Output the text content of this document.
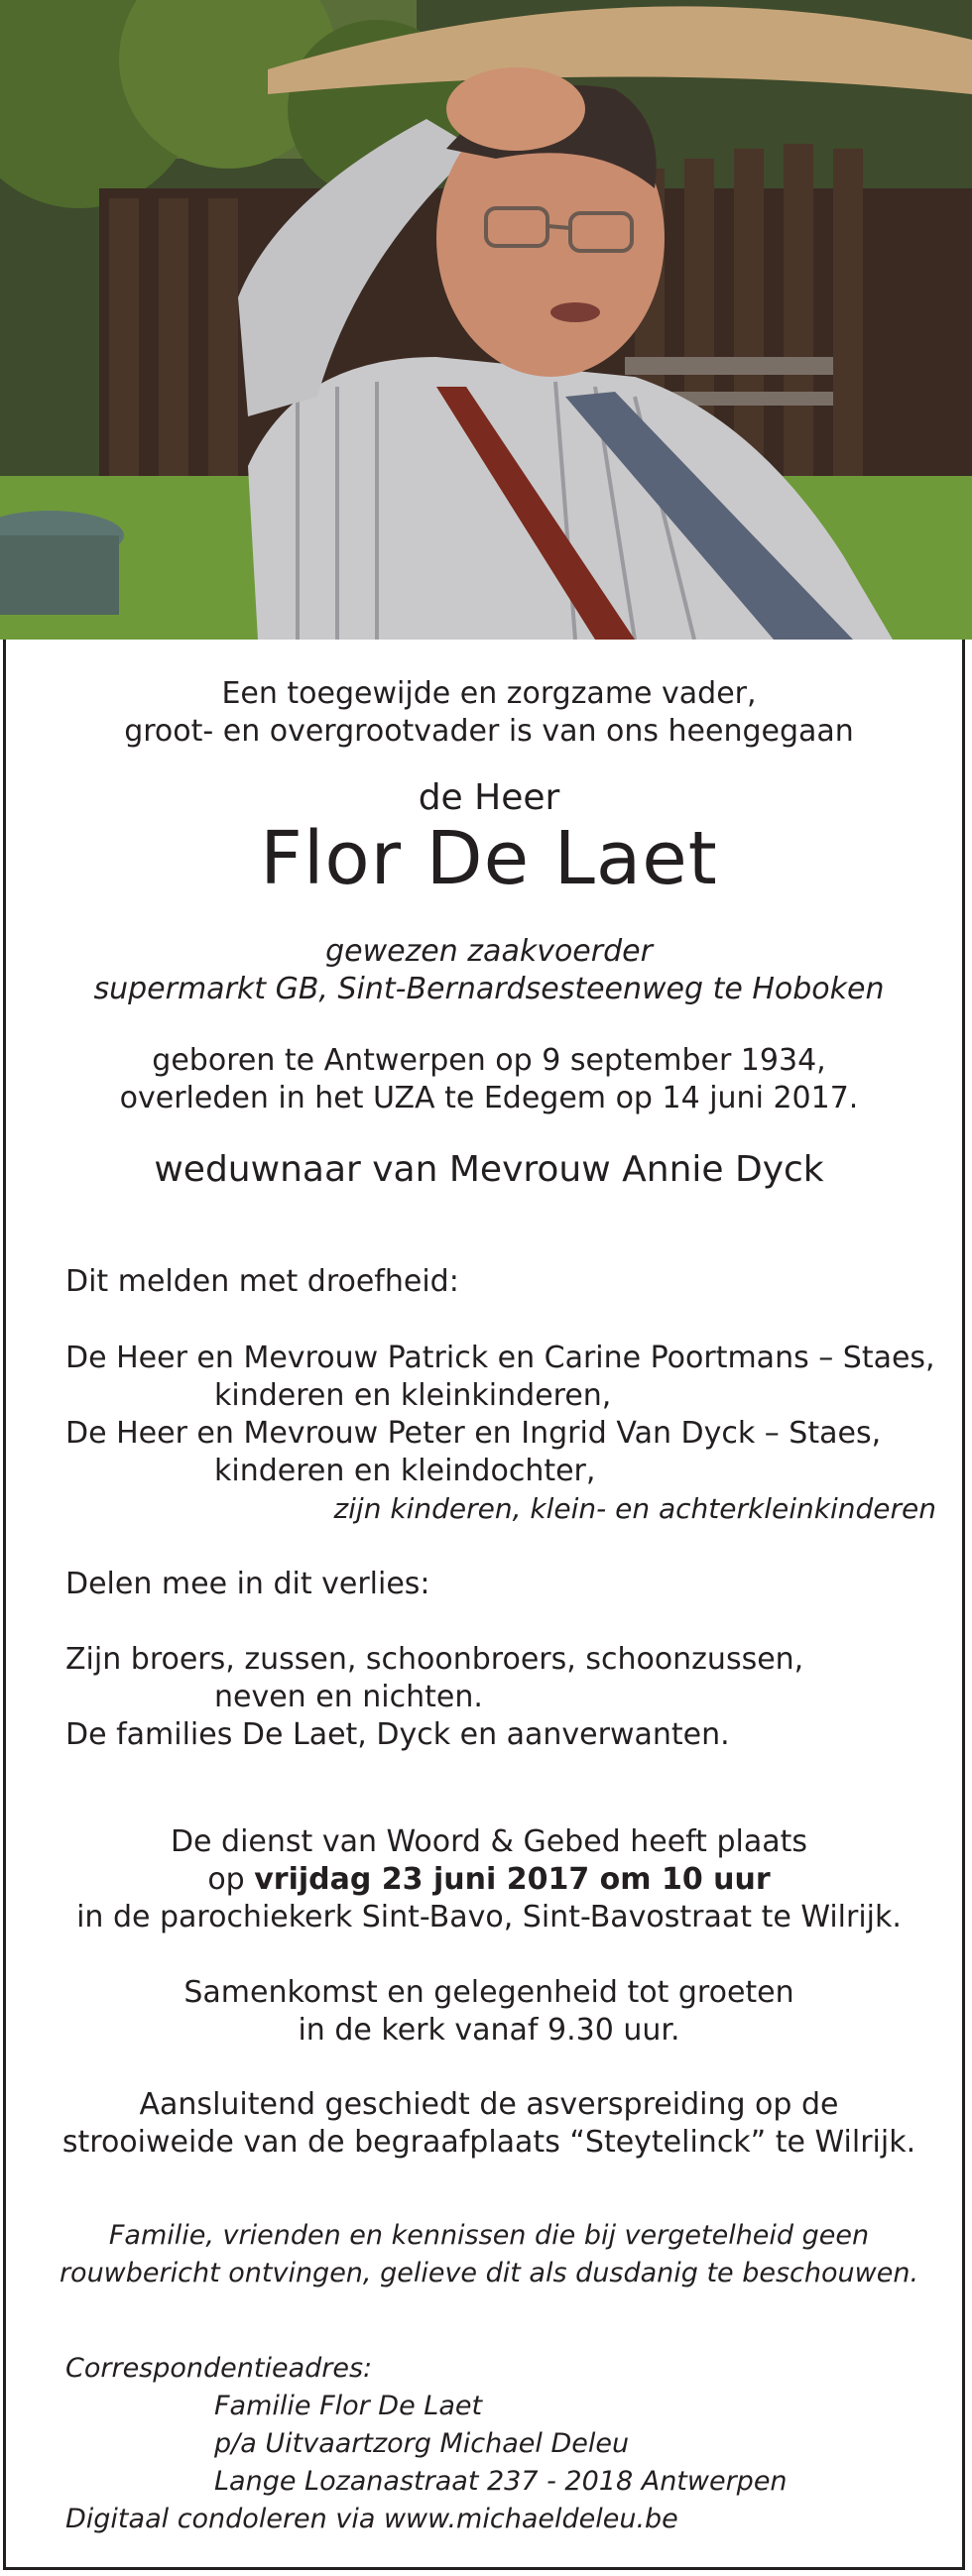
Een toegewijde en zorgzame vader,
groot- en overgrootvader is van ons heengegaan
de Heer
Flor De Laet
gewezen zaakvoerder
supermarkt GB, Sint-Bernardsesteenweg te Hoboken
geboren te Antwerpen op 9 september 1934,
overleden in het UZA te Edegem op 14 juni 2017.
weduwnaar van Mevrouw Annie Dyck
Dit melden met droefheid:
De Heer en Mevrouw Patrick en Carine Poortmans – Staes,
kinderen en kleinkinderen,
De Heer en Mevrouw Peter en Ingrid Van Dyck – Staes,
kinderen en kleindochter,
zijn kinderen, klein- en achterkleinkinderen
Delen mee in dit verlies:
Zijn broers, zussen, schoonbroers, schoonzussen,
neven en nichten.
De families De Laet, Dyck en aanverwanten.
De dienst van Woord & Gebed heeft plaats
op vrijdag 23 juni 2017 om 10 uur
in de parochiekerk Sint-Bavo, Sint-Bavostraat te Wilrijk.
Samenkomst en gelegenheid tot groeten
in de kerk vanaf 9.30 uur.
Aansluitend geschiedt de asverspreiding op de
strooiweide van de begraafplaats “Steytelinck” te Wilrijk.
Familie, vrienden en kennissen die bij vergetelheid geen
rouwbericht ontvingen, gelieve dit als dusdanig te beschouwen.
Correspondentieadres:
Familie Flor De Laet
p/a Uitvaartzorg Michael Deleu
Lange Lozanastraat 237 - 2018 Antwerpen
Digitaal condoleren via www.michaeldeleu.be
